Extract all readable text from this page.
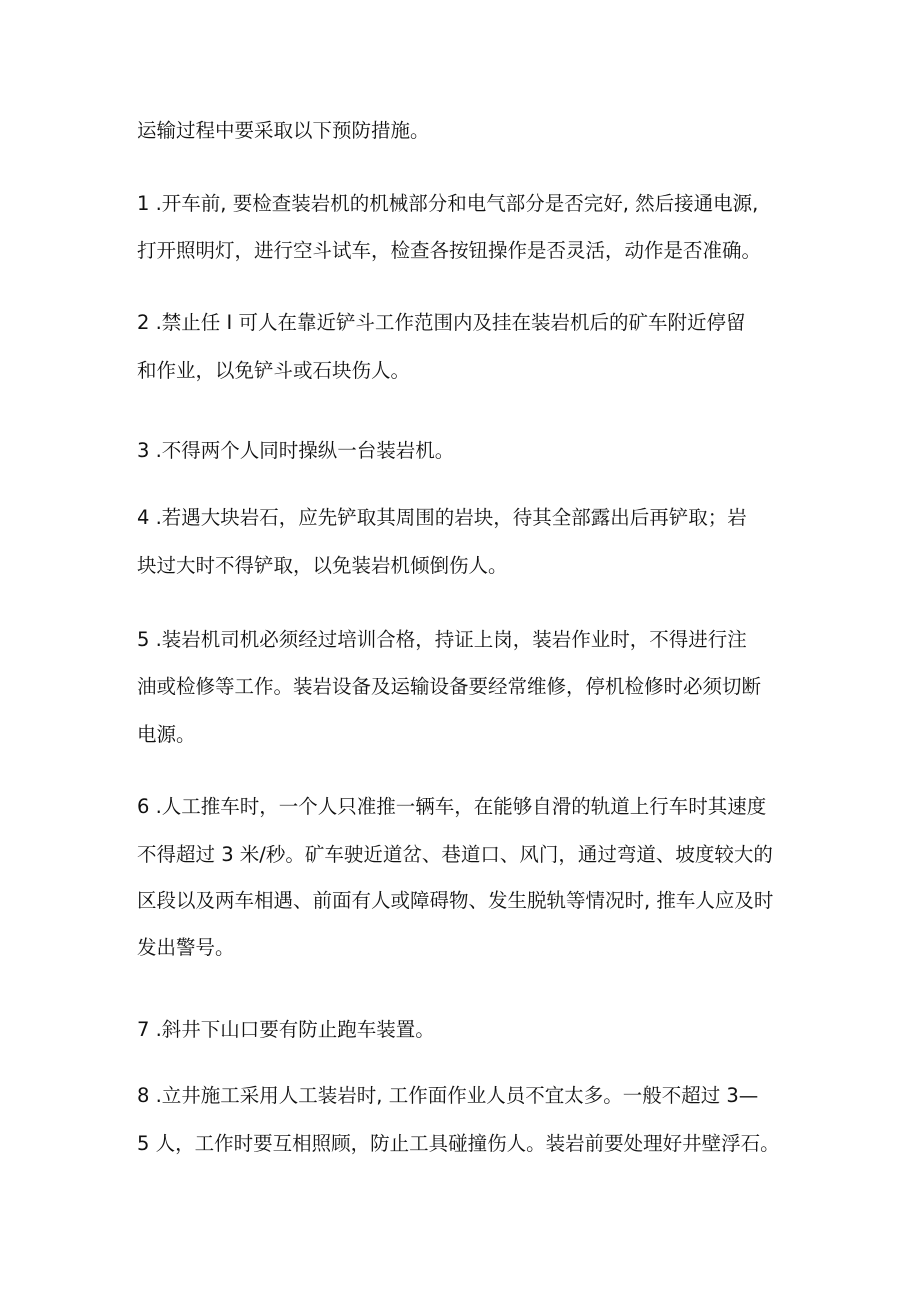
运输过程中要采取以下预防措施。

1 .开车前, 要检查装岩机的机械部分和电气部分是否完好, 然后接通电源,

打开照明灯，进行空斗试车，检查各按钮操作是否灵活，动作是否准确。

2 .禁止任 I 可人在靠近铲斗工作范围内及挂在装岩机后的矿车附近停留

和作业，以免铲斗或石块伤人。

3 .不得两个人同时操纵一台装岩机。

4 .若遇大块岩石，应先铲取其周围的岩块，待其全部露出后再铲取；岩

块过大时不得铲取，以免装岩机倾倒伤人。

5 .装岩机司机必须经过培训合格，持证上岗，装岩作业时，不得进行注

油或检修等工作。装岩设备及运输设备要经常维修，停机检修时必须切断

电源。

6 .人工推车时，一个人只准推一辆车，在能够自滑的轨道上行车时其速度

不得超过 3 米/秒。矿车驶近道岔、巷道口、风门，通过弯道、坡度较大的

区段以及两车相遇、前面有人或障碍物、发生脱轨等情况时, 推车人应及时

发出警号。

7 .斜井下山口要有防止跑车装置。

8 .立井施工采用人工装岩时, 工作面作业人员不宜太多。一般不超过 3—

5 人，工作时要互相照顾，防止工具碰撞伤人。装岩前要处理好井壁浮石。
